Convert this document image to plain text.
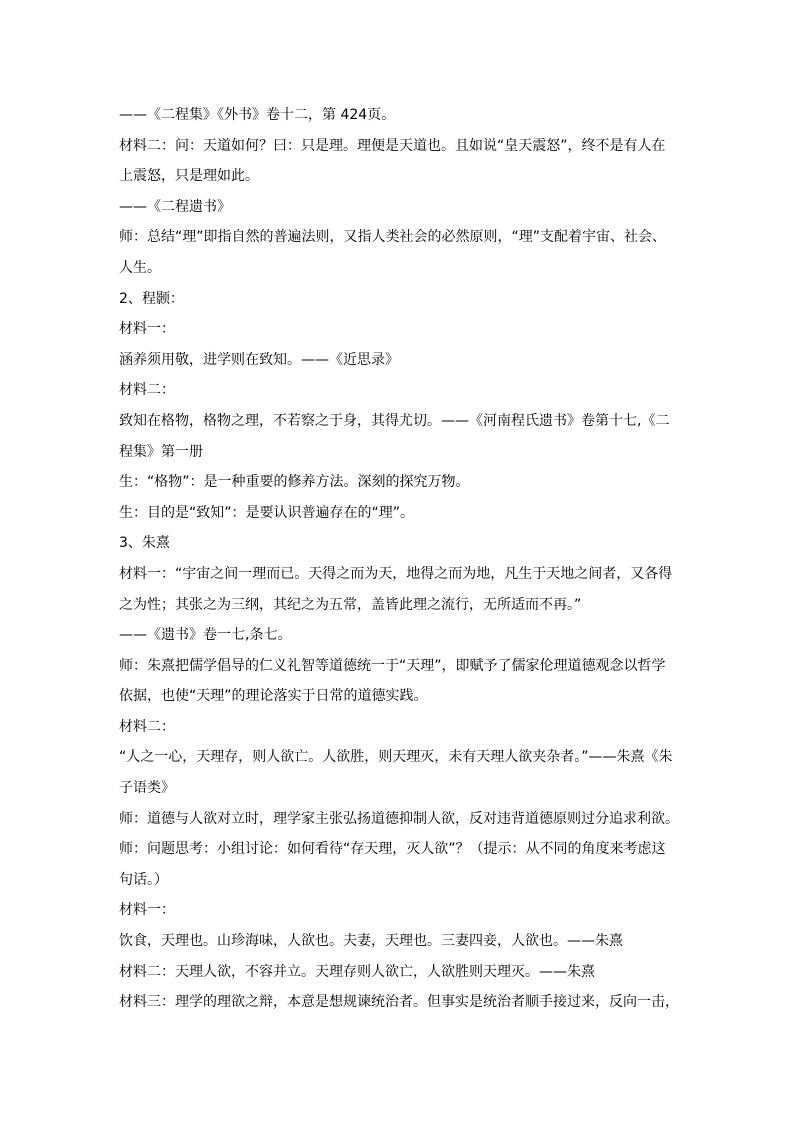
——《二程集》《外书》卷十二，第 424页。
材料二：问：天道如何？曰：只是理。理便是天道也。且如说“皇天震怒”，终不是有人在
上震怒，只是理如此。
——《二程遗书》
师：总结“理”即指自然的普遍法则，又指人类社会的必然原则，“理”支配着宇宙、社会、
人生。
2、程颢：
材料一：
涵养须用敬，进学则在致知。——《近思录》
材料二：
致知在格物，格物之理，不若察之于身，其得尤切。——《河南程氏遗书》卷第十七,《二
程集》第一册
生：“格物”：是一种重要的修养方法。深刻的探究万物。
生：目的是“致知”：是要认识普遍存在的“理”。
3、朱熹
材料一：“宇宙之间一理而已。天得之而为天，地得之而为地，凡生于天地之间者，又各得
之为性；其张之为三纲，其纪之为五常，盖皆此理之流行，无所适而不再。”
——《遗书》卷一七,条七。
师：朱熹把儒学倡导的仁义礼智等道德统一于“天理”，即赋予了儒家伦理道德观念以哲学
依据，也使“天理”的理论落实于日常的道德实践。
材料二：
“人之一心，天理存，则人欲亡。人欲胜，则天理灭，未有天理人欲夹杂者。”——朱熹《朱
子语类》
师：道德与人欲对立时，理学家主张弘扬道德抑制人欲，反对违背道德原则过分追求利欲。
师：问题思考：小组讨论：如何看待“存天理，灭人欲”？（提示：从不同的角度来考虑这
句话。）
材料一：
饮食，天理也。山珍海味，人欲也。夫妻，天理也。三妻四妾，人欲也。——朱熹
材料二：天理人欲，不容并立。天理存则人欲亡，人欲胜则天理灭。——朱熹
材料三：理学的理欲之辩，本意是想规谏统治者。但事实是统治者顺手接过来，反向一击，
